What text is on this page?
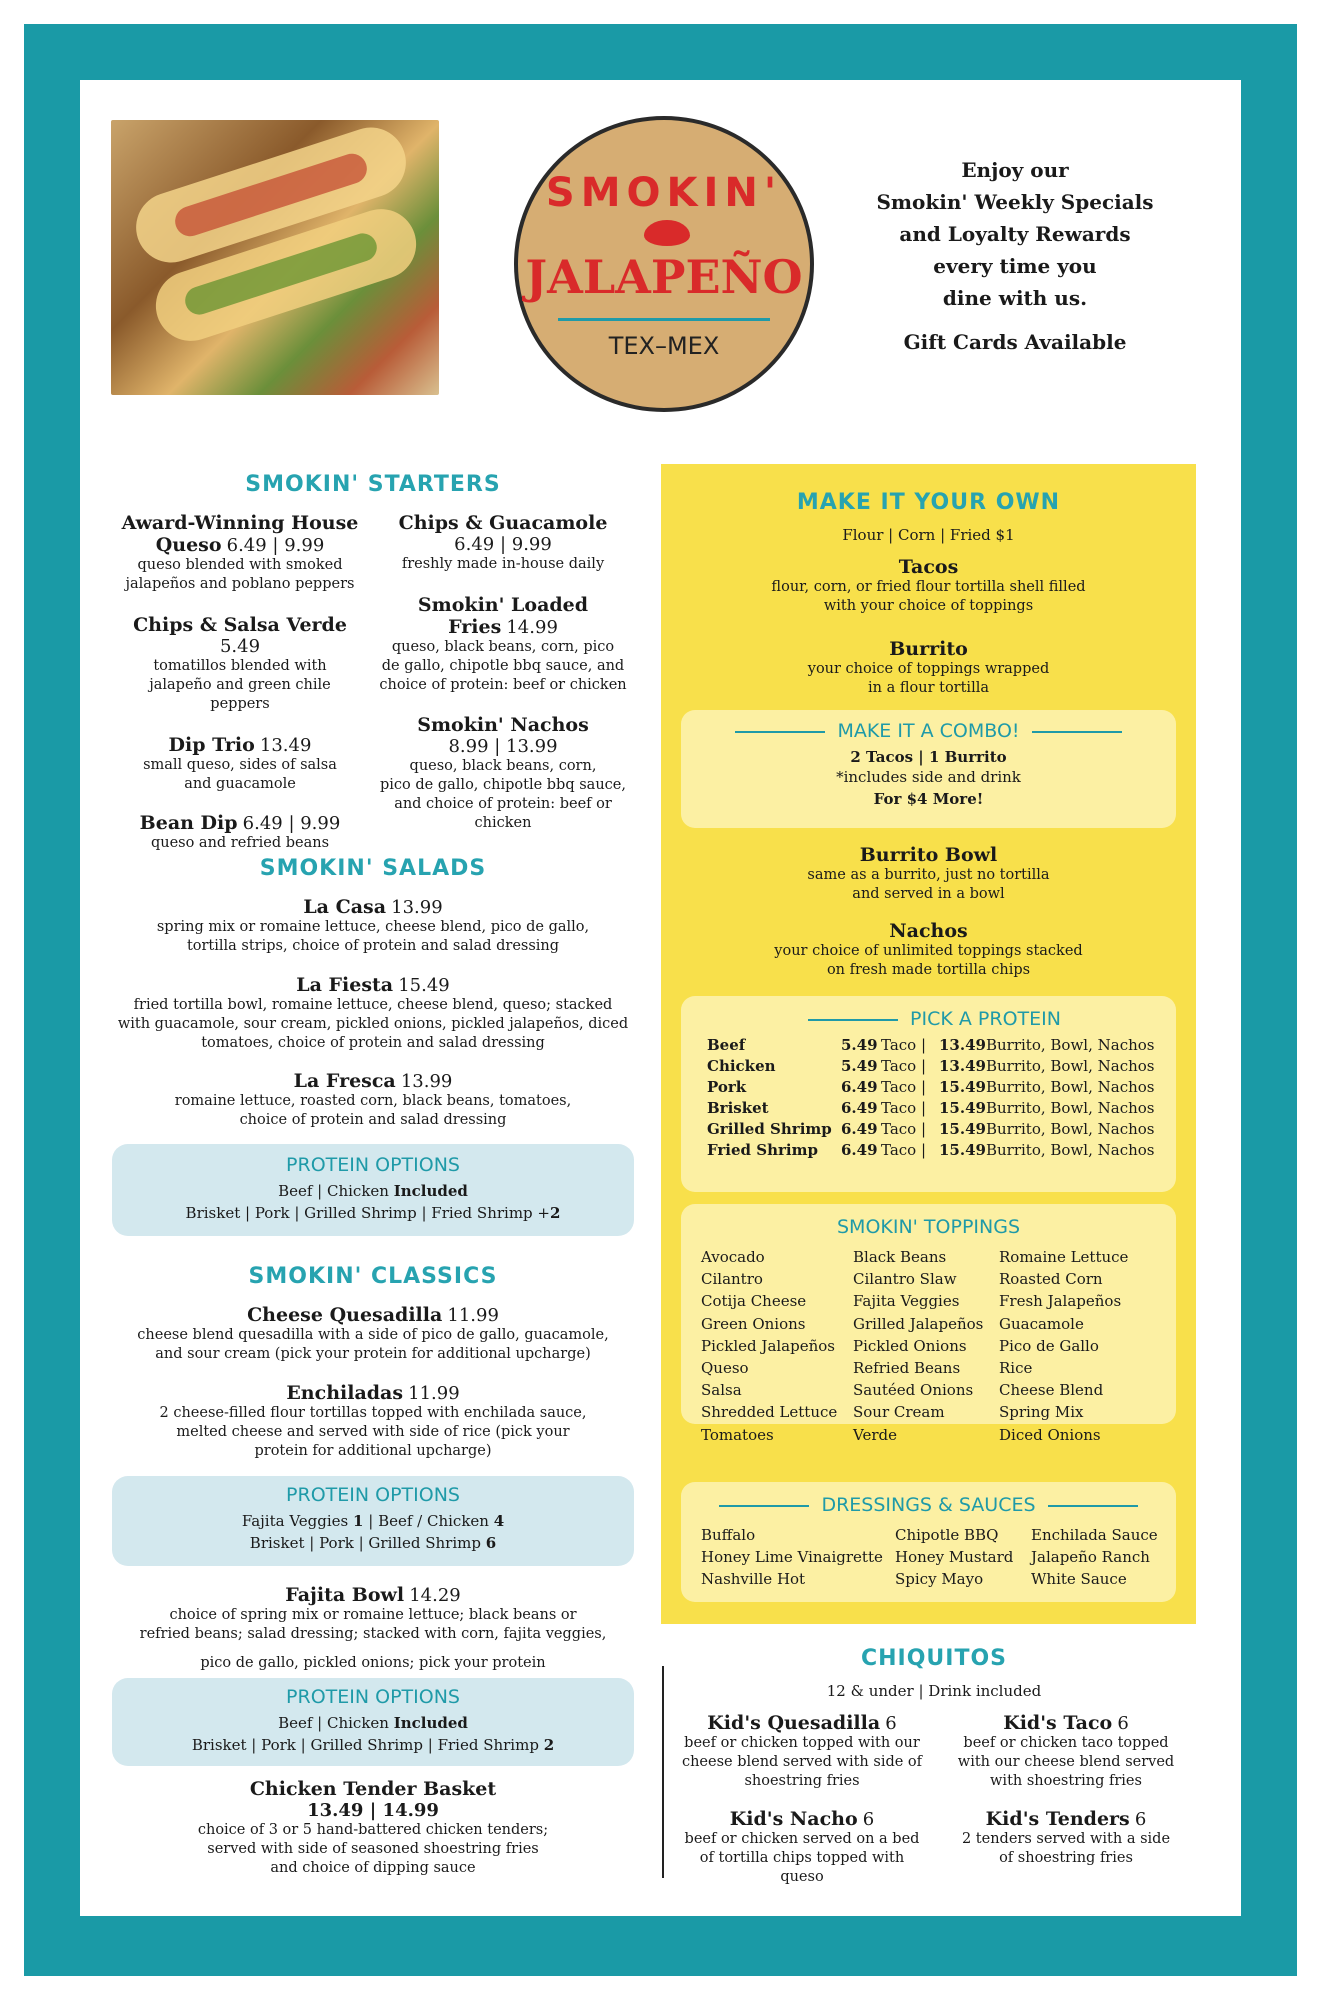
SMOKIN'
JALAPEÑO
TEX–MEX
Enjoy our
Smokin' Weekly Specials
and Loyalty Rewards
every time you
dine with us.
Gift Cards Available
SMOKIN' STARTERS
Award-Winning House
Queso 6.49 | 9.99
queso blended with smoked
jalapeños and poblano peppers
Chips & Salsa Verde
5.49
tomatillos blended with
jalapeño and green chile
peppers
Dip Trio 13.49
small queso, sides of salsa
and guacamole
Bean Dip 6.49 | 9.99
queso and refried beans
Chips & Guacamole
6.49 | 9.99
freshly made in-house daily
Smokin' Loaded
Fries 14.99
queso, black beans, corn, pico
de gallo, chipotle bbq sauce, and
choice of protein: beef or chicken
Smokin' Nachos
8.99 | 13.99
queso, black beans, corn,
pico de gallo, chipotle bbq sauce,
and choice of protein: beef or
chicken
SMOKIN' SALADS
La Casa 13.99
spring mix or romaine lettuce, cheese blend, pico de gallo,
tortilla strips, choice of protein and salad dressing
La Fiesta 15.49
fried tortilla bowl, romaine lettuce, cheese blend, queso; stacked
with guacamole, sour cream, pickled onions, pickled jalapeños, diced
tomatoes, choice of protein and salad dressing
La Fresca 13.99
romaine lettuce, roasted corn, black beans, tomatoes,
choice of protein and salad dressing
PROTEIN OPTIONS
Beef | Chicken Included
Brisket | Pork | Grilled Shrimp | Fried Shrimp +2
SMOKIN' CLASSICS
Cheese Quesadilla 11.99
cheese blend quesadilla with a side of pico de gallo, guacamole,
and sour cream (pick your protein for additional upcharge)
Enchiladas 11.99
2 cheese-filled flour tortillas topped with enchilada sauce,
melted cheese and served with side of rice (pick your
protein for additional upcharge)
PROTEIN OPTIONS
Fajita Veggies 1 | Beef / Chicken 4
Brisket | Pork | Grilled Shrimp 6
Fajita Bowl 14.29
choice of spring mix or romaine lettuce; black beans or
refried beans; salad dressing; stacked with corn, fajita veggies,
pico de gallo, pickled onions; pick your protein
PROTEIN OPTIONS
Beef | Chicken Included
Brisket | Pork | Grilled Shrimp | Fried Shrimp 2
Chicken Tender Basket
13.49 | 14.99
choice of 3 or 5 hand-battered chicken tenders;
served with side of seasoned shoestring fries
and choice of dipping sauce
MAKE IT YOUR OWN
Flour | Corn | Fried $1
Tacos
flour, corn, or fried flour tortilla shell filled
with your choice of toppings
Burrito
your choice of toppings wrapped
in a flour tortilla
MAKE IT A COMBO!
2 Tacos | 1 Burrito
*includes side and drink
For $4 More!
Burrito Bowl
same as a burrito, just no tortilla
and served in a bowl
Nachos
your choice of unlimited toppings stacked
on fresh made tortilla chips
PICK A PROTEIN
Beef	5.49	Taco	|	13.49	Burrito, Bowl, Nachos
Chicken	5.49	Taco	|	13.49	Burrito, Bowl, Nachos
Pork	6.49	Taco	|	15.49	Burrito, Bowl, Nachos
Brisket	6.49	Taco	|	15.49	Burrito, Bowl, Nachos
Grilled Shrimp	6.49	Taco	|	15.49	Burrito, Bowl, Nachos
Fried Shrimp	6.49	Taco	|	15.49	Burrito, Bowl, Nachos
SMOKIN' TOPPINGS
Avocado
Cilantro
Cotija Cheese
Green Onions
Pickled Jalapeños
Queso
Salsa
Shredded Lettuce
Tomatoes
Black Beans
Cilantro Slaw
Fajita Veggies
Grilled Jalapeños
Pickled Onions
Refried Beans
Sautéed Onions
Sour Cream
Verde
Romaine Lettuce
Roasted Corn
Fresh Jalapeños
Guacamole
Pico de Gallo
Rice
Cheese Blend
Spring Mix
Diced Onions
DRESSINGS & SAUCES
Buffalo
Honey Lime Vinaigrette
Nashville Hot
Chipotle BBQ
Honey Mustard
Spicy Mayo
Enchilada Sauce
Jalapeño Ranch
White Sauce
CHIQUITOS
12 & under | Drink included
Kid's Quesadilla 6
beef or chicken topped with our
cheese blend served with side of
shoestring fries
Kid's Taco 6
beef or chicken taco topped
with our cheese blend served
with shoestring fries
Kid's Nacho 6
beef or chicken served on a bed
of tortilla chips topped with
queso
Kid's Tenders 6
2 tenders served with a side
of shoestring fries
